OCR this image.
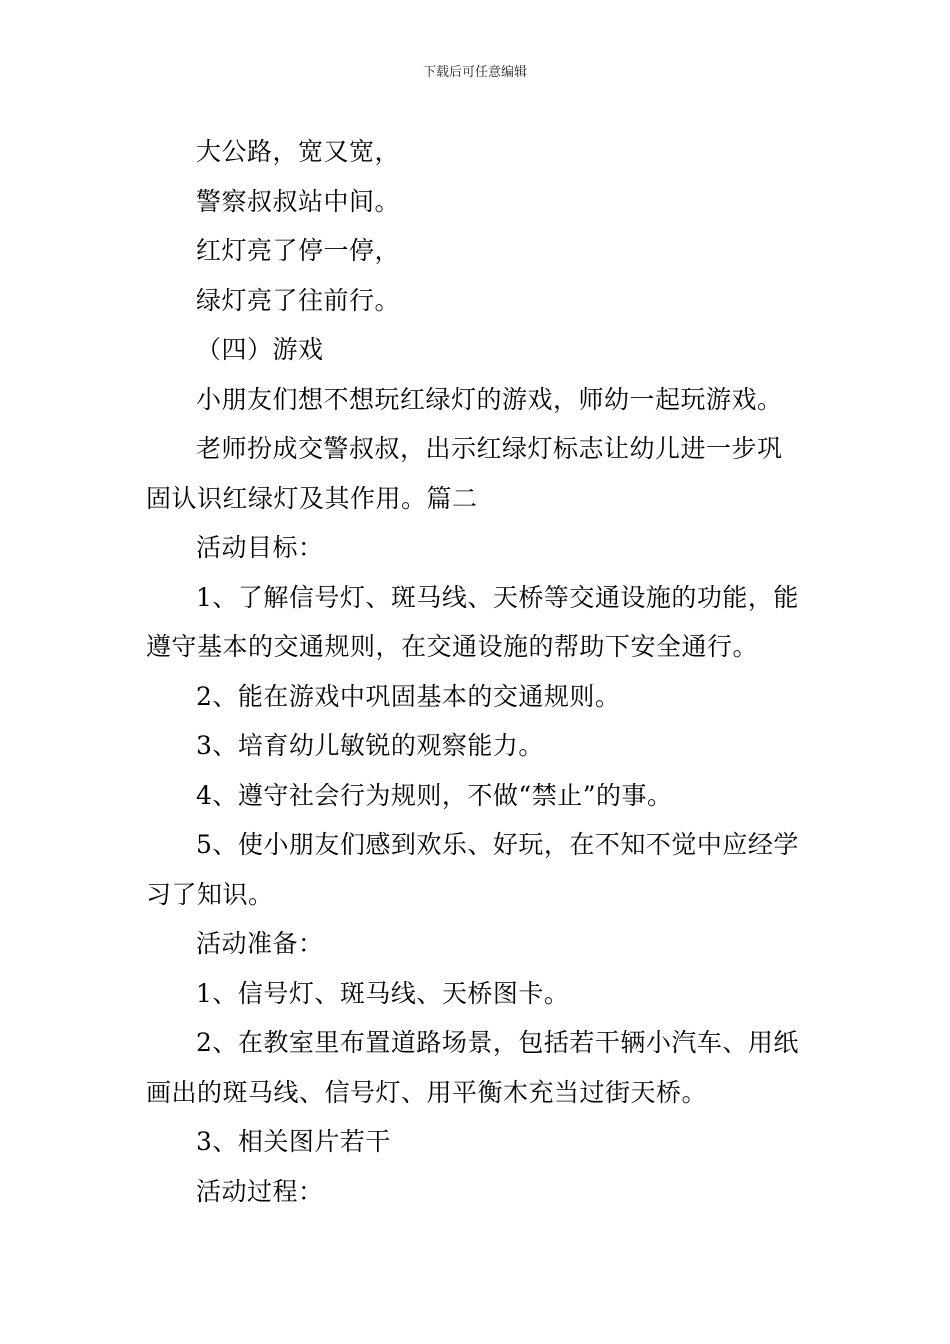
下载后可任意编辑

大公路，宽又宽，

警察叔叔站中间。

红灯亮了停一停，

绿灯亮了往前行。

（四）游戏

小朋友们想不想玩红绿灯的游戏，师幼一起玩游戏。

老师扮成交警叔叔，出示红绿灯标志让幼儿进一步巩固认识红绿灯及其作用。篇二

活动目标：

1、了解信号灯、斑马线、天桥等交通设施的功能，能遵守基本的交通规则，在交通设施的帮助下安全通行。

2、能在游戏中巩固基本的交通规则。

3、培育幼儿敏锐的观察能力。

4、遵守社会行为规则，不做“禁止”的事。

5、使小朋友们感到欢乐、好玩，在不知不觉中应经学习了知识。

活动准备：

1、信号灯、斑马线、天桥图卡。

2、在教室里布置道路场景，包括若干辆小汽车、用纸画出的斑马线、信号灯、用平衡木充当过街天桥。

3、相关图片若干

活动过程：
